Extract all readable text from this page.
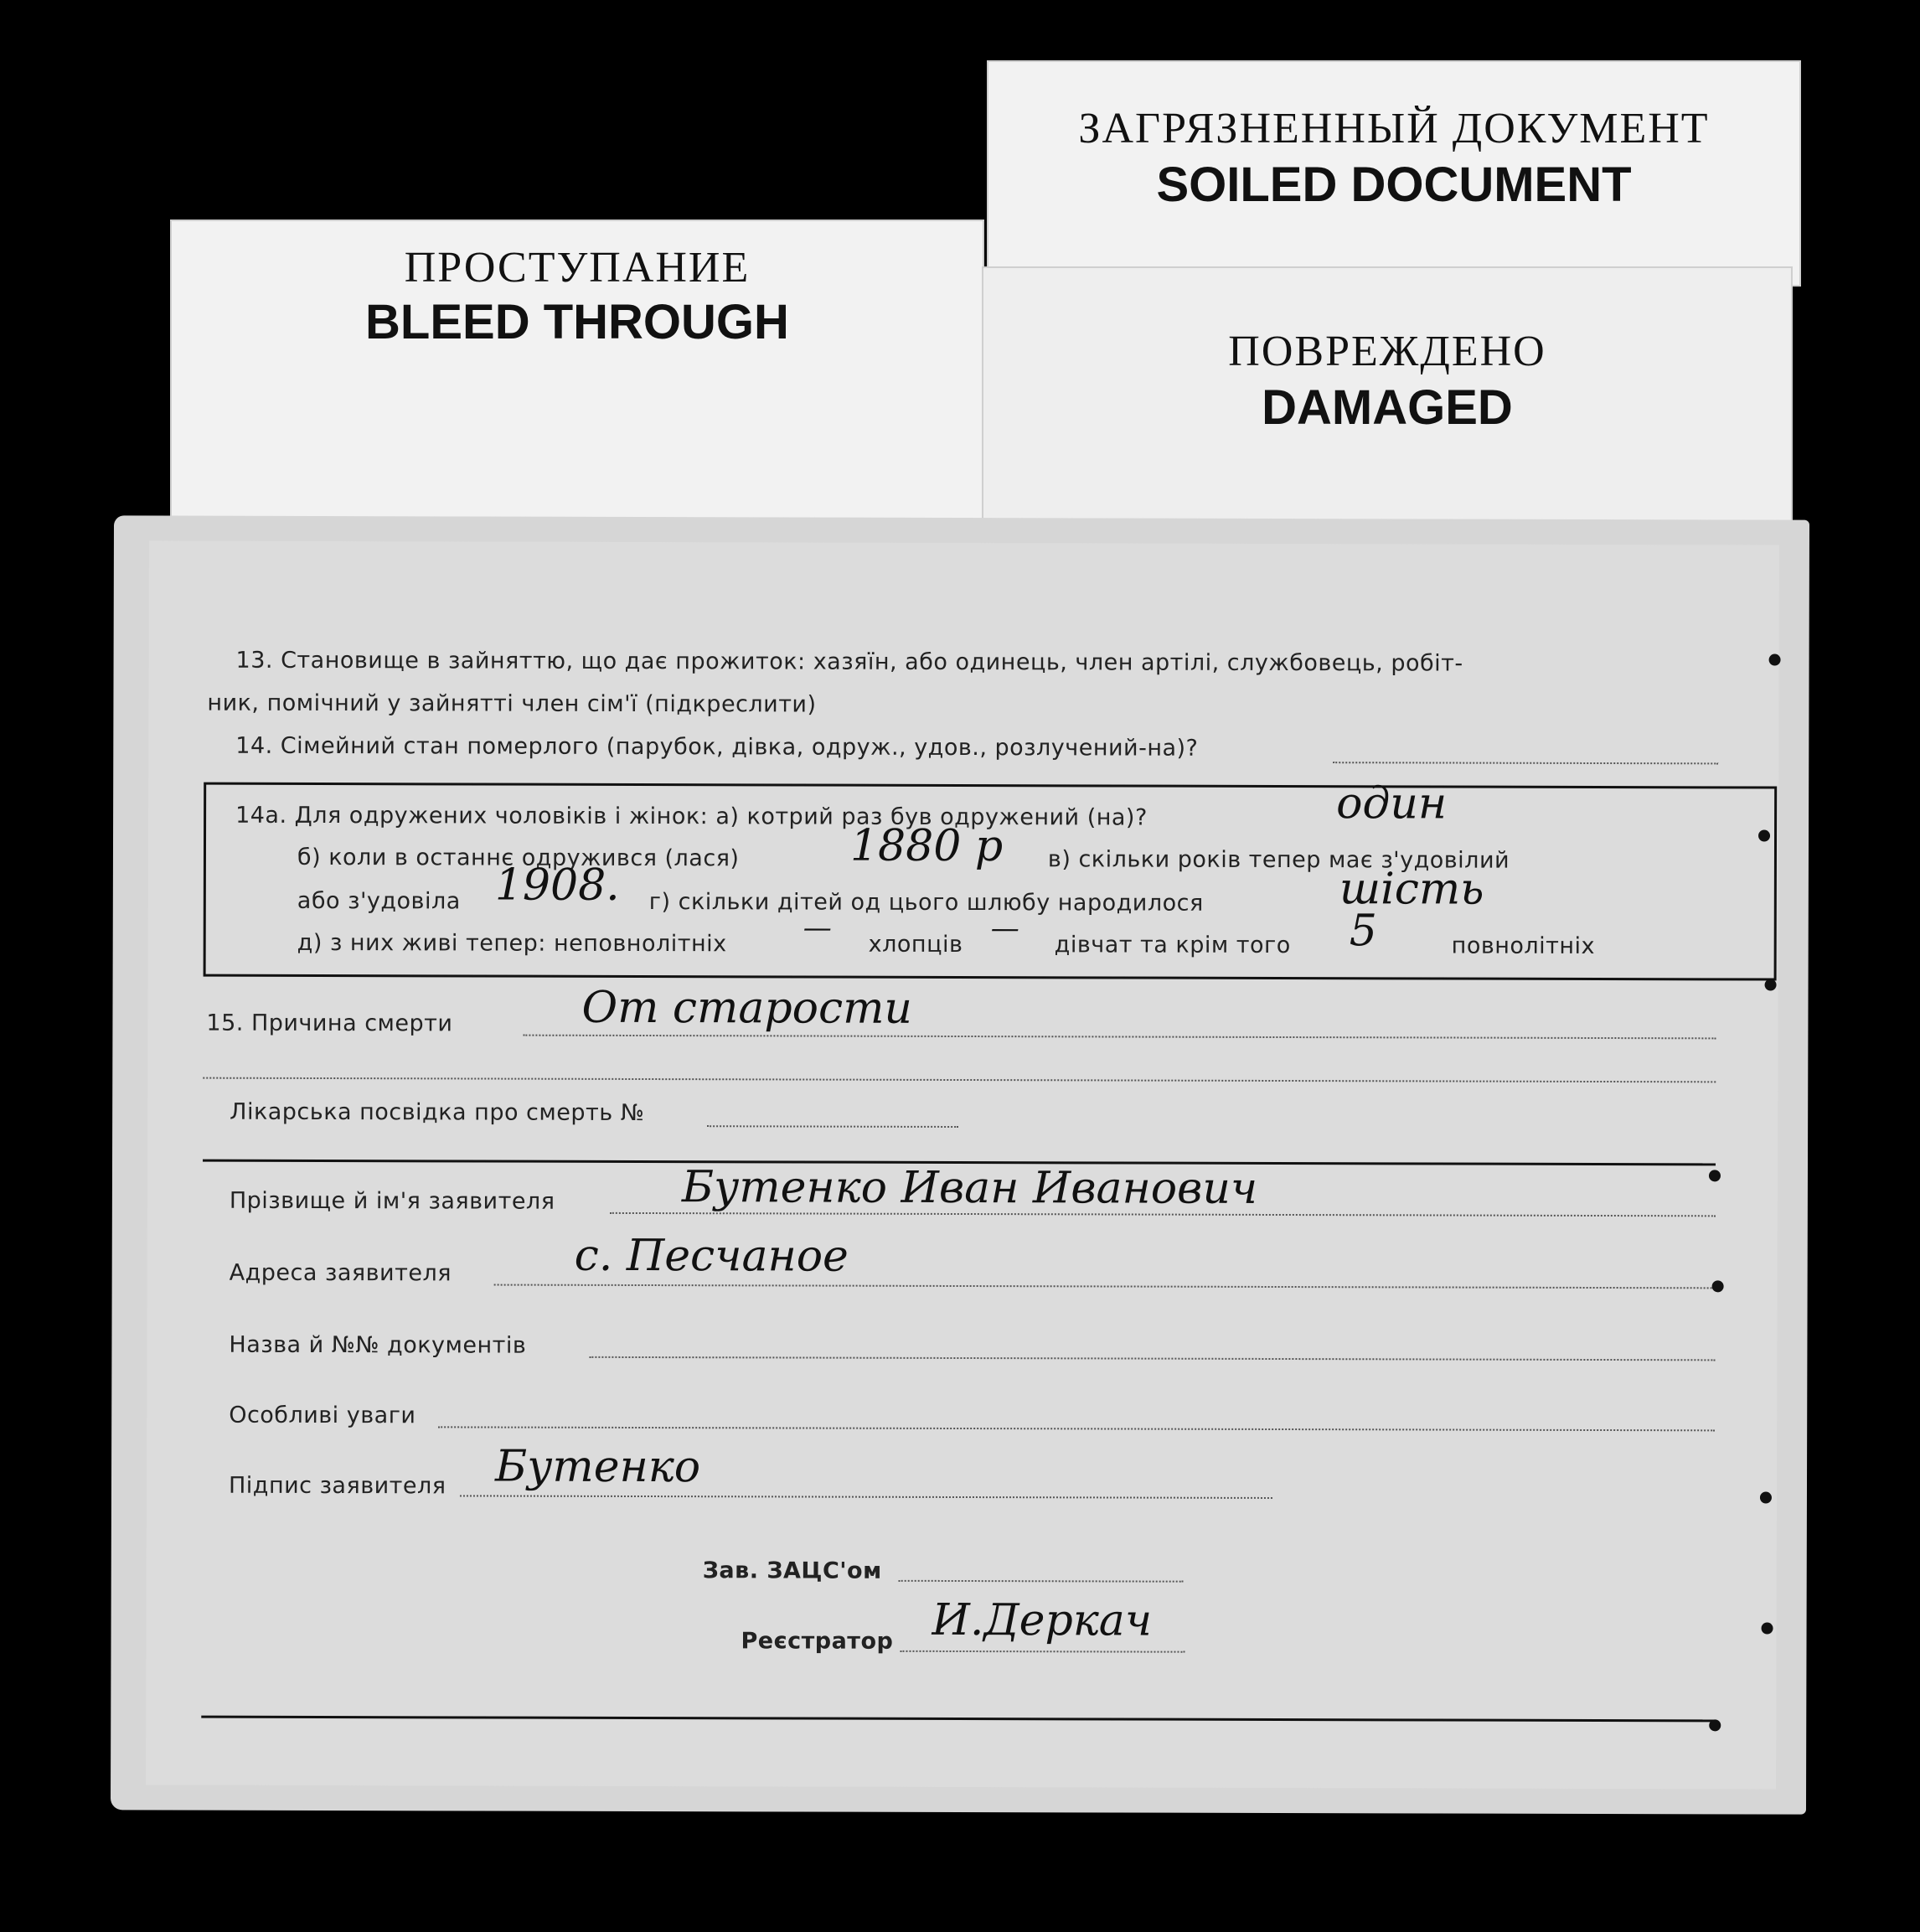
ПРОСТУПАНИЕ
BLEED THROUGH
ЗАГРЯЗНЕННЫЙ ДОКУМЕНТ
SOILED DOCUMENT
ПОВРЕЖДЕНО
DAMAGED
13. Становище в зайняттю, що дає прожиток: хазяїн, або одинець, член артілі, службовець, робіт-
ник, помічний у зайнятті член сім'ї (підкреслити)
14. Сімейний стан померлого (парубок, дівка, одруж., удов., розлучений-на)?
14а. Для одружених чоловіків і жінок: а) котрий раз був одружений (на)?	один
б) коли в останнє одружився (лася)	1880 р в) скільки років тепер має з'удовілий
або з'удовіла 1908. г) скільки дітей од цього шлюбу народилося	шість
д) з них живі тепер: неповнолітніх	— хлопців — дівчат та крім того 5	повнолітніх
15. Причина смерти	От старости
Лікарська посвідка про смерть №
Прізвище й ім'я заявителя	Бутенко Иван Иванович
Адреса заявителя	с. Песчаное
Назва й №№ документів
Особливі уваги
Підпис заявителя Бутенко
Зав. ЗАЦС'ом
Реєстратор И.Деркач
